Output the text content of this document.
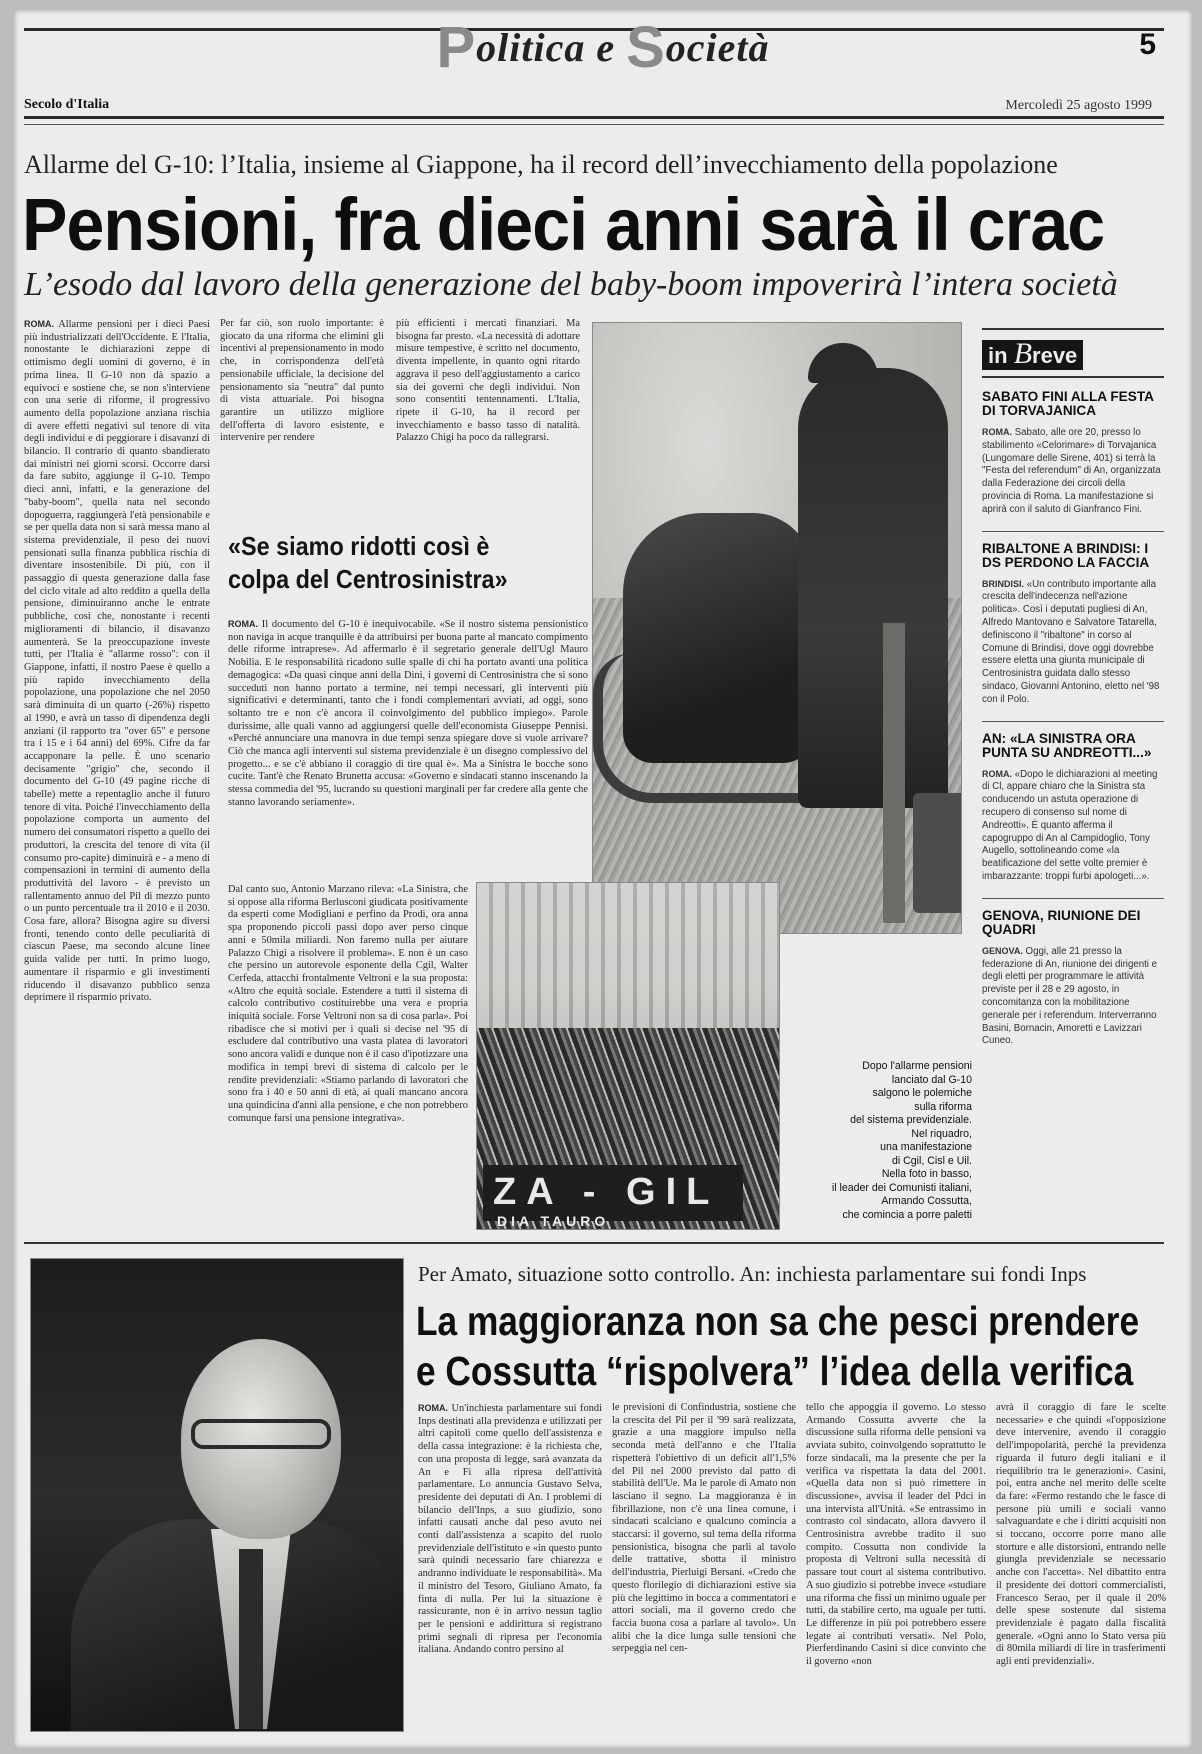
Politica e Società	5
Secolo d'Italia	Mercoledì 25 agosto 1999
Allarme del G-10: l’Italia, insieme al Giappone, ha il record dell’invecchiamento della popolazione
Pensioni, fra dieci anni sarà il crac
L’esodo dal lavoro della generazione del baby-boom impoverirà l’intera società
ROMA. Allarme pensioni per i dieci Paesi più industrializzati dell'Occidente. E l'Italia, nonostante le dichiarazioni zeppe di ottimismo degli uomini di governo, è in prima linea. Il G-10 non dà spazio a equivoci e sostiene che, se non s'interviene con una serie di riforme, il progressivo aumento della popolazione anziana rischia di avere effetti negativi sul tenore di vita degli individui e di peggiorare i disavanzi di bilancio. Il contrario di quanto sbandierato dai ministri nei giorni scorsi. Occorre darsi da fare subito, aggiunge il G-10. Tempo dieci anni, infatti, e la generazione del "baby-boom", quella nata nel secondo dopoguerra, raggiungerà l'età pensionabile e se per quella data non si sarà messa mano al sistema previdenziale, il peso dei nuovi pensionati sulla finanza pubblica rischia di diventare insostenibile. Di più, con il passaggio di questa generazione dalla fase del ciclo vitale ad alto reddito a quella della pensione, diminuiranno anche le entrate pubbliche, così che, nonostante i recenti miglioramenti di bilancio, il disavanzo aumenterà. Se la preoccupazione investe tutti, per l'Italia è "allarme rosso": con il Giappone, infatti, il nostro Paese è quello a più rapido invecchiamento della popolazione, una popolazione che nel 2050 sarà diminuita di un quarto (-26%) rispetto al 1990, e avrà un tasso di dipendenza degli anziani (il rapporto tra "over 65" e persone tra i 15 e i 64 anni) del 69%. Cifre da far accapponare la pelle. È uno scenario decisamente "grigio" che, secondo il documento del G-10 (49 pagine ricche di tabelle) mette a repentaglio anche il futuro tenore di vita. Poiché l'invecchiamento della popolazione comporta un aumento del numero dei consumatori rispetto a quello dei produttori, la crescita del tenore di vita (il consumo pro-capite) diminuirà e - a meno di compensazioni in termini di aumento della produttività del lavoro - è previsto un rallentamento annuo del Pil di mezzo punto o un punto percentuale tra il 2010 e il 2030. Cosa fare, allora? Bisogna agire su diversi fronti, tenendo conto delle peculiarità di ciascun Paese, ma secondo alcune linee guida valide per tutti. In primo luogo, aumentare il risparmio e gli investimenti riducendo il disavanzo pubblico senza deprimere il risparmio privato.
Per far ciò, son ruolo importante: è giocato da una riforma che elimini gli incentivi al prepensionamento in modo che, in corrispondenza dell'età pensionabile ufficiale, la decisione del pensionamento sia "neutra" dal punto di vista attuariale. Poi bisogna garantire un utilizzo migliore dell'offerta di lavoro esistente, e intervenire per rendere
più efficienti i mercati finanziari. Ma bisogna far presto. «La necessità di adottare misure tempestive, è scritto nel documento, diventa impellente, in quanto ogni ritardo aggrava il peso dell'aggiustamento a carico sia dei governi che degli individui. Non sono consentiti tentennamenti. L'Italia, ripete il G-10, ha il record per invecchiamento e basso tasso di natalità. Palazzo Chigi ha poco da rallegrarsi.
«Se siamo ridotti così è colpa del Centrosinistra»
ROMA. Il documento del G-10 è inequivocabile. «Se il nostro sistema pensionistico non naviga in acque tranquille è da attribuirsi per buona parte al mancato compimento delle riforme intraprese». Ad affermarlo è il segretario generale dell'Ugl Mauro Nobilia. E le responsabilità ricadono sulle spalle di chi ha portato avanti una politica demagogica: «Da quasi cinque anni della Dini, i governi di Centrosinistra che si sono succeduti non hanno portato a termine, nei tempi necessari, gli interventi più significativi e determinanti, tanto che i fondi complementari avviati, ad oggi, sono soltanto tre e non c'è ancora il coinvolgimento del pubblico impiego». Parole durissime, alle quali vanno ad aggiungersi quelle dell'economista Giuseppe Pennisi. «Perché annunciare una manovra in due tempi senza spiegare dove si vuole arrivare? Ciò che manca agli interventi sul sistema previdenziale è un disegno complessivo del progetto... e se c'è abbiano il coraggio di tire qual è». Ma a Sinistra le bocche sono cucite. Tant'è che Renato Brunetta accusa: «Governo e sindacati stanno inscenando la stessa commedia del '95, lucrando su questioni marginali per far credere alla gente che stanno lavorando seriamente».
Dal canto suo, Antonio Marzano rileva: «La Sinistra, che si oppose alla riforma Berlusconi giudicata positivamente da esperti come Modigliani e perfino da Prodi, ora anna spa proponendo piccoli passi dopo aver perso cinque anni e 50mila miliardi. Non faremo nulla per aiutare Palazzo Chigi a risolvere il problema». E non è un caso che persino un autorevole esponente della Cgil, Walter Cerfeda, attacchi frontalmente Veltroni e la sua proposta: «Altro che equità sociale. Estendere a tutti il sistema di calcolo contributivo costituirebbe una vera e propria iniquità sociale. Forse Veltroni non sa di cosa parla». Poi ribadisce che si motivi per i quali si decise nel '95 di escludere dal contributivo una vasta platea di lavoratori sono ancora validi e dunque non è il caso d'ipotizzare una modifica in tempi brevi di sistema di calcolo per le rendite previdenziali: «Stiamo parlando di lavoratori che sono fra i 40 e 50 anni di età, ai quali mancano ancora una quindicina d'anni alla pensione, e che non potrebbero comunque farsi una pensione integrativa».
ZA - GIL
DIA TAURO
Dopo l'allarme pensioni
lanciato dal G-10
salgono le polemiche
sulla riforma
del sistema previdenziale.
Nel riquadro,
una manifestazione
di Cgil, Cisl e Uil.
Nella foto in basso,
il leader dei Comunisti italiani,
Armando Cossutta,
che comincia a porre paletti
in Breve
SABATO FINI ALLA FESTA DI TORVAJANICA
ROMA. Sabato, alle ore 20, presso lo stabilimento «Celorimare» di Torvajanica (Lungomare delle Sirene, 401) si terrà la "Festa del referendum" di An, organizzata dalla Federazione dei circoli della provincia di Roma. La manifestazione si aprirà con il saluto di Gianfranco Fini.
RIBALTONE A BRINDISI: I DS PERDONO LA FACCIA
BRINDISI. «Un contributo importante alla crescita dell'indecenza nell'azione politica». Così i deputati pugliesi di An, Alfredo Mantovano e Salvatore Tatarella, definiscono il "ribaltone" in corso al Comune di Brindisi, dove oggi dovrebbe essere eletta una giunta municipale di Centrosinistra guidata dallo stesso sindaco, Giovanni Antonino, eletto nel '98 con il Polo.
AN: «LA SINISTRA ORA PUNTA SU ANDREOTTI...»
ROMA. «Dopo le dichiarazioni al meeting di Cl, appare chiaro che la Sinistra sta conducendo un astuta operazione di recupero di consenso sul nome di Andreotti». È quanto afferma il capogruppo di An al Campidoglio, Tony Augello, sottolineando come «la beatificazione del sette volte premier è imbarazzante: troppi furbi apologeti...».
GENOVA, RIUNIONE DEI QUADRI
GENOVA. Oggi, alle 21 presso la federazione di An, riunione dei dirigenti e degli eletti per programmare le attività previste per il 28 e 29 agosto, in concomitanza con la mobilitazione generale per i referendum. Interverranno Basini, Bornacin, Amoretti e Lavizzari Cuneo.
Per Amato, situazione sotto controllo. An: inchiesta parlamentare sui fondi Inps
La maggioranza non sa che pesci prendere
e Cossutta “rispolvera” l’idea della verifica
ROMA. Un'inchiesta parlamentare sui fondi Inps destinati alla previdenza e utilizzati per altri capitoli come quello dell'assistenza e della cassa integrazione: è la richiesta che, con una proposta di legge, sarà avanzata da An e Fi alla ripresa dell'attività parlamentare. Lo annuncia Gustavo Selva, presidente dei deputati di An. I problemi di bilancio dell'Inps, a suo giudizio, sono infatti causati anche dal peso avuto nei conti dall'assistenza a scapito del ruolo previdenziale dell'istituto e «in questo punto sarà quindi necessario fare chiarezza e andranno individuate le responsabilità». Ma il ministro del Tesoro, Giuliano Amato, fa finta di nulla. Per lui la situazione è rassicurante, non è in arrivo nessun taglio per le pensioni e addirittura si registrano primi segnali di ripresa per l'economia italiana. Andando contro persino al
le previsioni di Confindustria, sostiene che la crescita del Pil per il '99 sarà realizzata, grazie a una maggiore impulso nella seconda metà dell'anno e che l'Italia rispetterà l'obiettivo di un deficit all'1,5% del Pil nel 2000 previsto dal patto di stabilità dell'Ue. Ma le parole di Amato non lasciano il segno. La maggioranza è in fibrillazione, non c'è una linea comune, i sindacati scalciano e qualcuno comincia a staccarsi: il governo, sul tema della riforma pensionistica, bisogna che parli al tavolo delle trattative, sbotta il ministro dell'industria, Pierluigi Bersani. «Credo che questo florilegio di dichiarazioni estive sia più che legittimo in bocca a commentatori e attori sociali, ma il governo credo che faccia buona cosa a parlare al tavolo». Un alibi che la dice lunga sulle tensioni che serpeggia nel cen-
tello che appoggia il governo. Lo stesso Armando Cossutta avverte che la discussione sulla riforma delle pensioni va avviata subito, coinvolgendo soprattutto le forze sindacali, ma la presente che per la verifica va rispettata la data del 2001. «Quella data non si può rimettere in discussione», avvisa il leader del Pdci in una intervista all'Unità. «Se entrassimo in contrasto col sindacato, allora davvero il Centrosinistra avrebbe tradito il suo compito. Cossutta non condivide la proposta di Veltroni sulla necessità di passare tout court al sistema contributivo. A suo giudizio si potrebbe invece «studiare una riforma che fissi un minimo uguale per tutti, da stabilire certo, ma uguale per tutti. Le differenze in più poi potrebbero essere legate ai contributi versati». Nel Polo, Pierferdinando Casini si dice convinto che il governo «non
avrà il coraggio di fare le scelte necessarie» e che quindi «l'opposizione deve intervenire, avendo il coraggio dell'impopolarità, perché la previdenza riguarda il futuro degli italiani e il riequilibrio tra le generazioni». Casini, poi, entra anche nel merito delle scelte da fare: «Fermo restando che le fasce di persone più umili e sociali vanno salvaguardate e che i diritti acquisiti non si toccano, occorre porre mano alle storture e alle distorsioni, entrando nelle giungla previdenziale se necessario anche con l'accetta». Nel dibattito entra il presidente dei dottori commercialisti, Francesco Serao, per il quale il 20% delle spese sostenute dal sistema previdenziale è pagato dalla fiscalità generale. «Ogni anno lo Stato versa più di 80mila miliardi di lire in trasferimenti agli enti previdenziali».
